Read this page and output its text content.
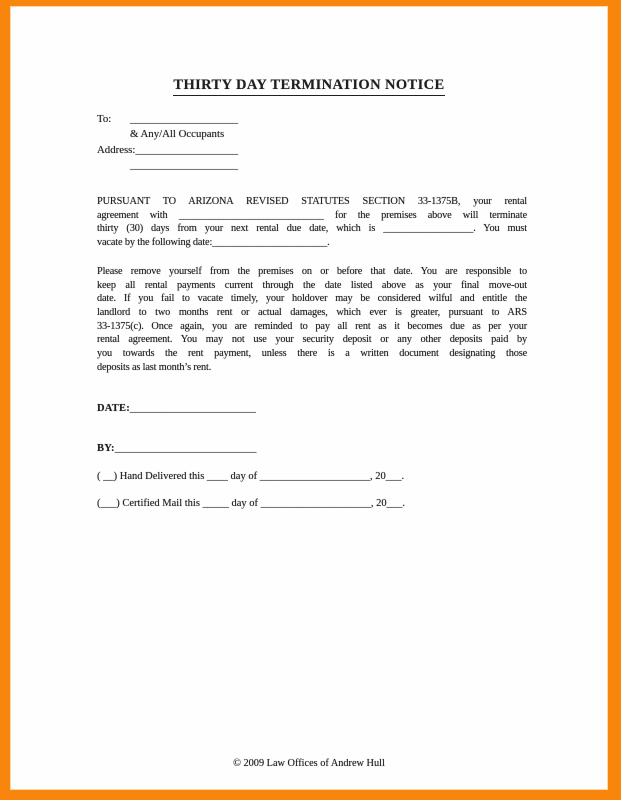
THIRTY DAY TERMINATION NOTICE
To: ____________________
& Any/All Occupants
Address:___________________
____________________
PURSUANT TO ARIZONA REVISED STATUTES SECTION 33-1375B, your rental
agreement with _____________________________ for the premises above will terminate
thirty (30) days from your next rental due date, which is __________________. You must
vacate by the following date:_______________________.
Please remove yourself from the premises on or before that date. You are responsible to
keep all rental payments current through the date listed above as your final move-out
date. If you fail to vacate timely, your holdover may be considered wilful and entitle the
landlord to two months rent or actual damages, which ever is greater, pursuant to ARS
33-1375(c). Once again, you are reminded to pay all rent as it becomes due as per your
rental agreement. You may not use your security deposit or any other deposits paid by
you towards the rent payment, unless there is a written document designating those
deposits as last month’s rent.
DATE:________________________
BY:___________________________
( __) Hand Delivered this ____ day of _____________________, 20___.
(___) Certified Mail this _____ day of _____________________, 20___.
© 2009 Law Offices of Andrew Hull
